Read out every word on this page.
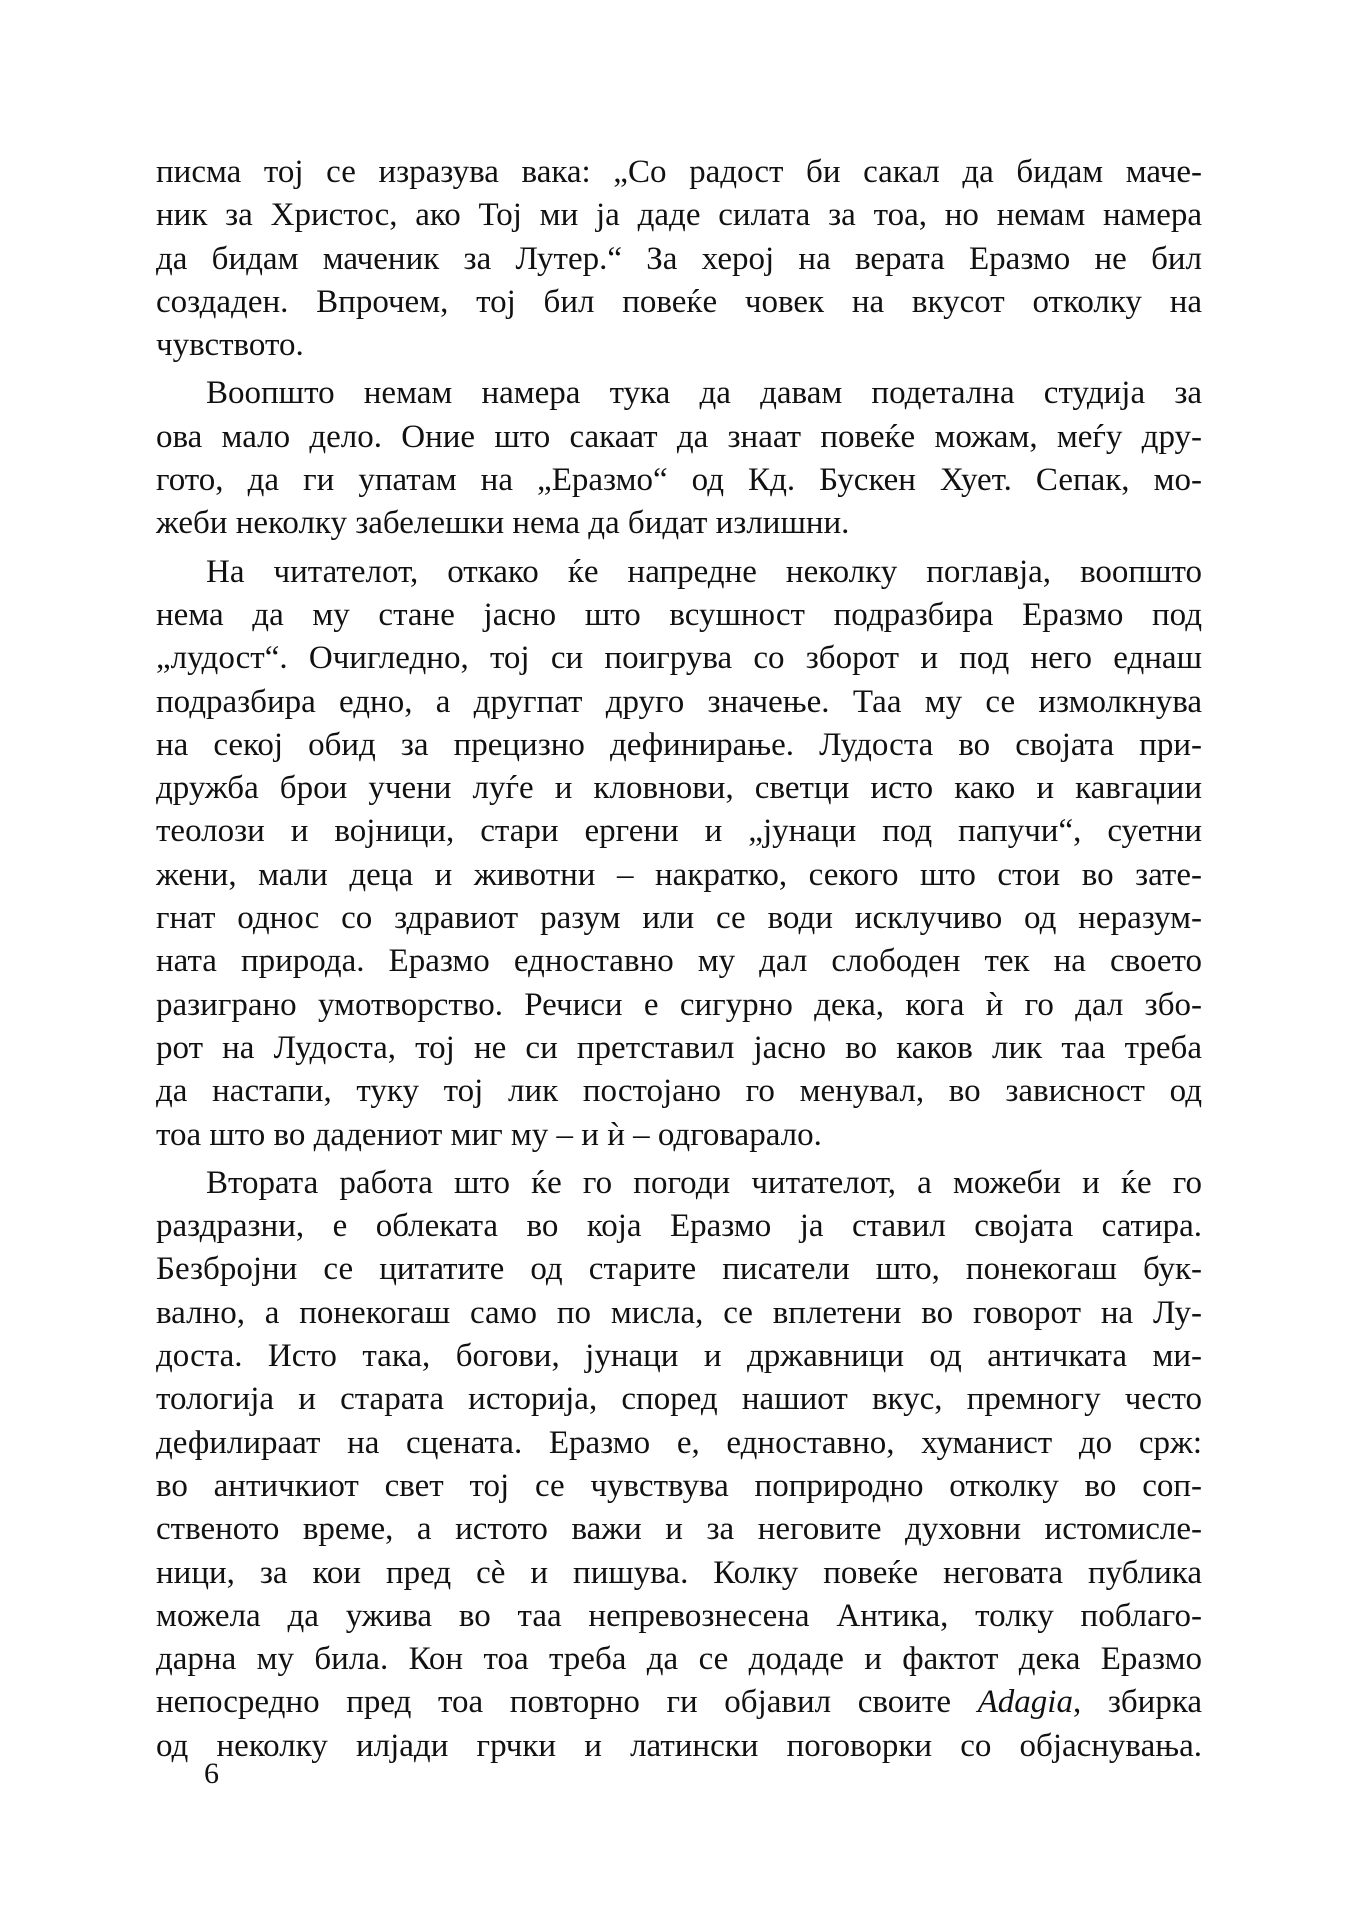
писма тој се изразува вака: „Со радост би сакал да бидам маче-
ник за Христос, ако Тој ми ја даде силата за тоа, но немам намера
да бидам маченик за Лутер.“ За херој на верата Еразмо не бил
создаден. Впрочем, тој бил повеќе човек на вкусот отколку на
чувството.
Воопшто немам намера тука да давам подетална студија за
ова мало дело. Оние што сакаат да знаат повеќе можам, меѓу дру-
гото, да ги упатам на „Еразмо“ од Кд. Бускен Хует. Сепак, мо-
жеби неколку забелешки нема да бидат излишни.
На читателот, откако ќе напредне неколку поглавја, воопшто
нема да му стане јасно што всушност подразбира Еразмо под
„лудост“. Очигледно, тој си поигрува со зборот и под него еднаш
подразбира едно, а другпат друго значење. Таа му се измолкнува
на секој обид за прецизно дефинирање. Лудоста во својата при-
дружба брои учени луѓе и кловнови, светци исто како и кавгаџии
теолози и војници, стари ергени и „јунаци под папучи“, суетни
жени, мали деца и животни – накратко, секого што стои во зате-
гнат однос со здравиот разум или се води исклучиво од неразум-
ната природа. Еразмо едноставно му дал слободен тек на своето
разиграно умотворство. Речиси е сигурно дека, кога ѝ го дал збо-
рот на Лудоста, тој не си претставил јасно во каков лик таа треба
да настапи, туку тој лик постојано го менувал, во зависност од
тоа што во дадениот миг му – и ѝ – одговарало.
Втората работа што ќе го погоди читателот, а можеби и ќе го
раздразни, е облеката во која Еразмо ја ставил својата сатира.
Безбројни се цитатите од старите писатели што, понекогаш бук-
вално, а понекогаш само по мисла, се вплетени во говорот на Лу-
доста. Исто така, богови, јунаци и државници од античката ми-
тологија и старата историја, според нашиот вкус, премногу често
дефилираат на сцената. Еразмо е, едноставно, хуманист до срж:
во античкиот свет тој се чувствува поприродно отколку во соп-
ственото време, а истото важи и за неговите духовни истомисле-
ници, за кои пред сè и пишува. Колку повеќе неговата публика
можела да ужива во таа непревознесена Антика, толку поблаго-
дарна му била. Кон тоа треба да се додаде и фактот дека Еразмо
непосредно пред тоа повторно ги објавил своите Adagia, збирка
од неколку илјади грчки и латински поговорки со објаснувања.
6
